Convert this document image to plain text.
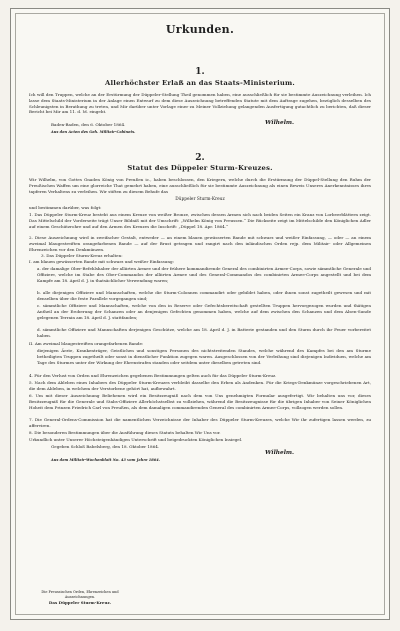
Urkunden.
1.
Allerhöchster Erlaß an das Staats-Ministerium.

Ich will den Truppen, welche an der Erstürmung der Düppeler-Stellung Theil genommen haben, eine ausschließlich für sie bestimmte Auszeichnung verleihen. Ich lasse dem Staats-Ministerium in der Anlage einen Entwurf zu dem diese Auszeichnung betreffenden Statute mit dem Auftrage zugehen, bezüglich desselben des Schleunigsten in Berathung zu treten, und Mir darüber unter Vorlage einer zu Meiner Vollziehung gelangenden Ausfertigung gutachtlich zu berichten, daß dieser Bericht bei Mir am 11. d. M. eingeht.

Baden-Baden, den 6. Oktober 1864.	Wilhelm.
Aus den Acten des Geh. Militair-Cabinets.
2.
Statut des Düppeler Sturm-Kreuzes.

Wir Wilhelm, von Gottes Gnaden König von Preußen ic., haben beschlossen, den Kriegern, welche durch die Erstürmung der Düppel-Stellung den Ruhm der Preußischen Waffen um eine glorreiche That gemehrt haben, eine ausschließlich für sie bestimmte Auszeichnung als einen Beweis Unseres Anerkenntnisses ihres tapferen Verhaltens zu verleihen. Wir stiften zu diesem Behufe das

Düppeler Sturm-Kreuz
und bestimmen darüber, was folgt:

1. Das Düppeler Sturm-Kreuz besteht aus einem Kreuze von weißer Bronze, zwischen dessen Armen sich nach beiden Seiten ein Kranz von Lorbeerblättern zeigt. Das Mittelschild der Vorderseite trägt Unser Bildniß mit der Umschrift: „Wilhelm König von Preussen.“ Die Rückseite zeigt im Mittelschilde den Königlichen Adler auf einem Geschützrohre und auf den Armen des Kreuzes die Inschrift: „Düppel 18. Apr. 1864.“

2. Diese Auszeichnung wird in zweifacher Gestalt, entweder — an einem blauen gewässerten Bande mit schwarz und weißer Einfassung, — oder — an einem zweimal blaugestreiften orangefarbenen Bande — auf der Brust getragen und rangirt nach den inländischen Orden rejp. dem Militair- oder Allgemeinen Ehrenzeichen vor den Denkmünzen.

3. Das Düppeler Sturm-Kreuz erhalten:
I. am blauen gewässerten Bande mit schwarz und weißer Einfassung:

a. der damalige Ober-Befehlshaber der alliirten Armee und der frühere kommandirende General des combinirten Armee-Corps, sowie sämmtliche Generale und Offiziere, welche im Stabe des Ober-Commandos der alliirten Armee und des General-Commandos des combinirten Armee-Corps angestellt und bei dem Kampfe am 18. April d. J. in thatsächlicher Verwendung waren;

b. alle diejenigen Offiziere und Mannschaften, welche die Sturm-Colonnen commandirt oder gebildet haben, oder ihnen sonst zugetheilt gewesen und mit denselben über die feste Parallele vorgegangen sind;

c. sämmtliche Offiziere und Mannschaften, welche von den in Reserve oder Gefechtsbereitschaft gestellten Truppen hervorgezogen wurden und thätigen Antheil an der Eroberung der Schanzen oder an denjenigen Gefechten genommen haben, welche auf dem zwischen den Schanzen und dem Alsen-Sunde gelegenen Terrain am 18. April d. J. stattfanden;

d. sämmtliche Offiziere und Mannschaften derjenigen Geschütze, welche am 18. April d. J. in Batterie gestanden und den Sturm durch ihr Feuer vorbereitet haben.

II. Am zweimal blaugestreiften orangefarbenen Bande:

diejenigen Ärzte, Krankenträger, Geistlichen und sonstigen Personen des nichtstreitenden Standes, welche während des Kampfes bei den am Sturme betheiligten Truppen zugetheilt oder sonst in dienstlicher Funktion zugegen waren. Ausgeschlossen von der Verleihung sind diejenigen Individuen, welche am Tage des Sturmes unter der Wirkung der Ehrenstrafen standen oder seitdem unter dieselben getreten sind.

4. Für den Verlust von Orden und Ehrenzeichen gegebenen Bestimmungen gelten auch für das Düppeler Sturm-Kreuz.

5. Nach dem Ableben eines Inhabers des Düppeler Sturm-Kreuzes verbleibt dasselbe den Erben als Andenken. Für die Kriegs-Denkmünze vorgeschriebenen Art, die dem Ableben, in welchem der Verstorbene gehört hat, aufbewahrt.

6. Um mit dieser Auszeichnung Beliehenen wird ein Besitzzeugniß nach dem von Uns genehmigten Formular ausgefertigt. Wir behalten uns vor, dieses Besitzzeugniß für die Generale und Stabs-Offiziere Allerhöchstselbst zu vollziehen, während die Besitzzeugnisse für die übrigen Inhaber von Seiner Königlichen Hoheit dem Prinzen Friedrich Carl von Preußen, als dem damaligen commandirenden General des combinirten Armee-Corps, vollzogen werden sollen.

7. Die General-Ordens-Commission hat die namentlichen Verzeichnisse der Inhaber des Düppeler Sturm-Kreuzes, welche Wir ihr zufertigen lassen werden, zu afferviren.

8. Die besonderen Bestimmungen über die Ausführung dieses Statuts behalten Wir Uns vor.

Urkundlich unter Unserer Höchsteigenhändigen Unterschrift und beigedruckten Königlichen Insiegel.

Gegeben Schloß Babelsberg, den 18. Oktober 1864.
Wilhelm.
Aus dem Militair-Wochenblatt No. 43 vom Jahre 1864.
Die Preussischen Orden, Ehrenzeichen und Auszeichnungen.
Das Düppeler Sturm-Kreuz.
